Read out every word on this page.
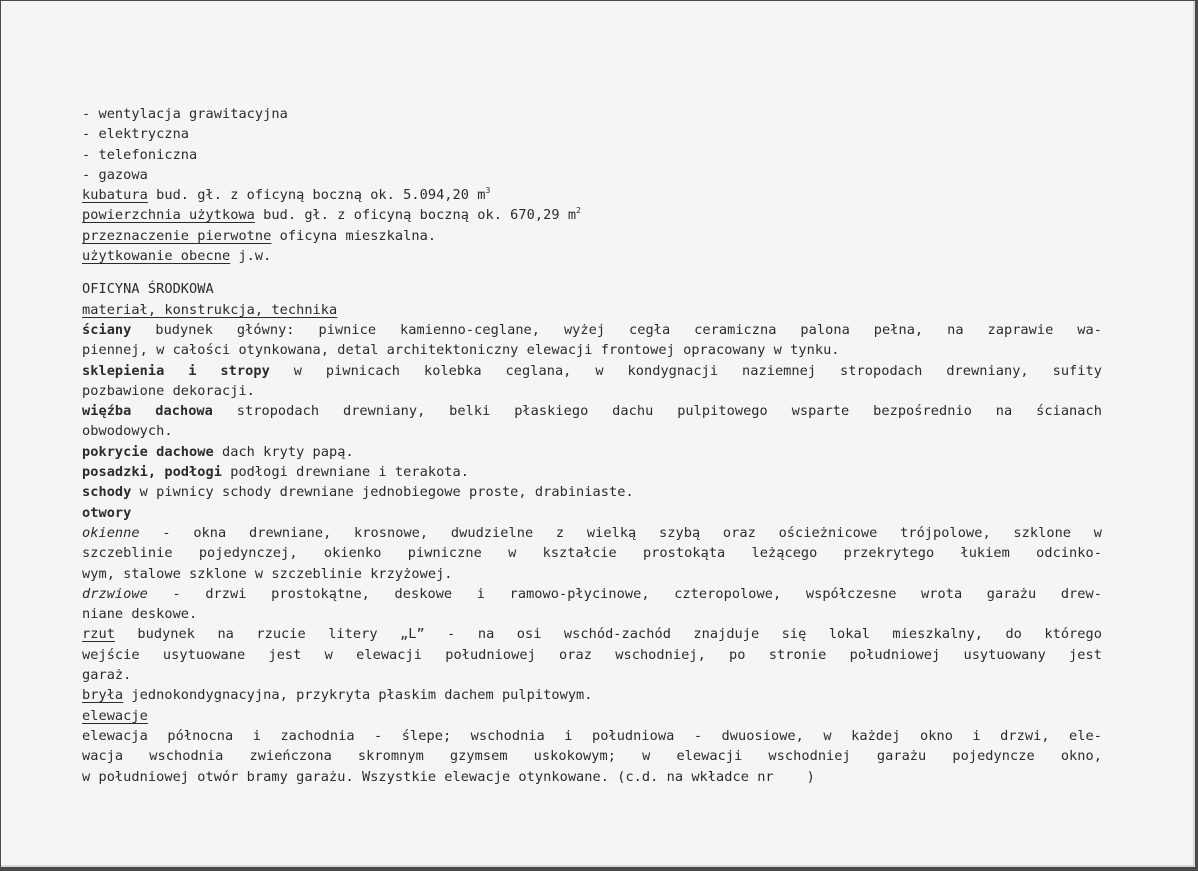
- wentylacja grawitacyjna
- elektryczna
- telefoniczna
- gazowa
kubatura bud. gł. z oficyną boczną ok. 5.094,20 $m^3$
powierzchnia użytkowa bud. gł. z oficyną boczną ok. 670,29 $m^2$
przeznaczenie pierwotne oficyna mieszkalna.
użytkowanie obecne j.w.
OFICYNA ŚRODKOWA
materiał, konstrukcja, technika
ściany budynek główny: piwnice kamienno-ceglane, wyżej cegła ceramiczna palona pełna, na zaprawie wa-
piennej, w całości otynkowana, detal architektoniczny elewacji frontowej opracowany w tynku.
sklepienia i stropy w piwnicach kolebka ceglana, w kondygnacji naziemnej stropodach drewniany, sufity
pozbawione dekoracji.
więźba dachowa stropodach drewniany, belki płaskiego dachu pulpitowego wsparte bezpośrednio na ścianach
obwodowych.
pokrycie dachowe dach kryty papą.
posadzki, podłogi podłogi drewniane i terakota.
schody w piwnicy schody drewniane jednobiegowe proste, drabiniaste.
otwory
okienne - okna drewniane, krosnowe, dwudzielne z wielką szybą oraz ościeżnicowe trójpolowe, szklone w
szczeblinie pojedynczej, okienko piwniczne w kształcie prostokąta leżącego przekrytego łukiem odcinko-
wym, stalowe szklone w szczeblinie krzyżowej.
drzwiowe - drzwi prostokątne, deskowe i ramowo-płycinowe, czteropolowe, współczesne wrota garażu drew-
niane deskowe.
rzut budynek na rzucie litery „L” - na osi wschód-zachód znajduje się lokal mieszkalny, do którego
wejście usytuowane jest w elewacji południowej oraz wschodniej, po stronie południowej usytuowany jest
garaż.
bryła jednokondygnacyjna, przykryta płaskim dachem pulpitowym.
elewacje
elewacja północna i zachodnia - ślepe; wschodnia i południowa - dwuosiowe, w każdej okno i drzwi, ele-
wacja wschodnia zwieńczona skromnym gzymsem uskokowym; w elewacji wschodniej garażu pojedyncze okno,
w południowej otwór bramy garażu. Wszystkie elewacje otynkowane. (c.d. na wkładce nr    )
